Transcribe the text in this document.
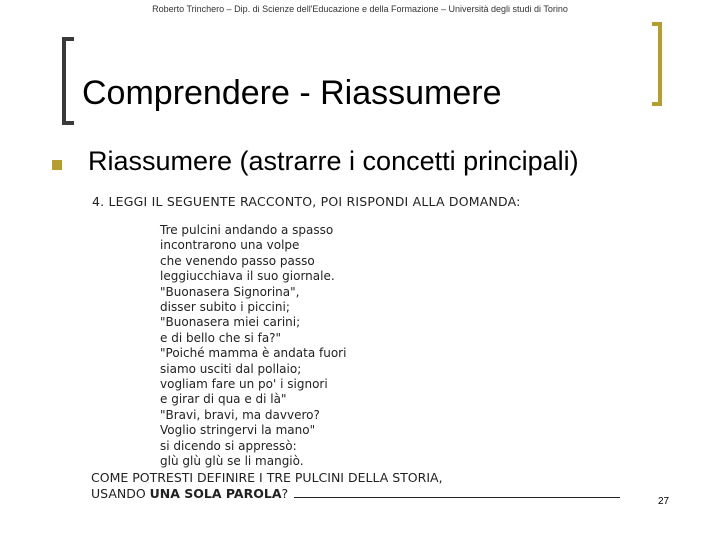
Roberto Trinchero – Dip. di Scienze dell'Educazione e della Formazione – Università degli studi di Torino
Comprendere - Riassumere
Riassumere (astrarre i concetti principali)
4. LEGGI IL SEGUENTE RACCONTO, POI RISPONDI ALLA DOMANDA:
Tre pulcini andando a spasso
incontrarono una volpe
che venendo passo passo
leggiucchiava il suo giornale.
"Buonasera Signorina",
disser subito i piccini;
"Buonasera miei carini;
e di bello che si fa?"
"Poiché mamma è andata fuori
siamo usciti dal pollaio;
vogliam fare un po' i signori
e girar di qua e di là"
"Bravi, bravi, ma davvero?
Voglio stringervi la mano"
si dicendo si appressò:
glù glù glù se li mangiò.
COME POTRESTI DEFINIRE I TRE PULCINI DELLA STORIA,
USANDO UNA SOLA PAROLA?
27
